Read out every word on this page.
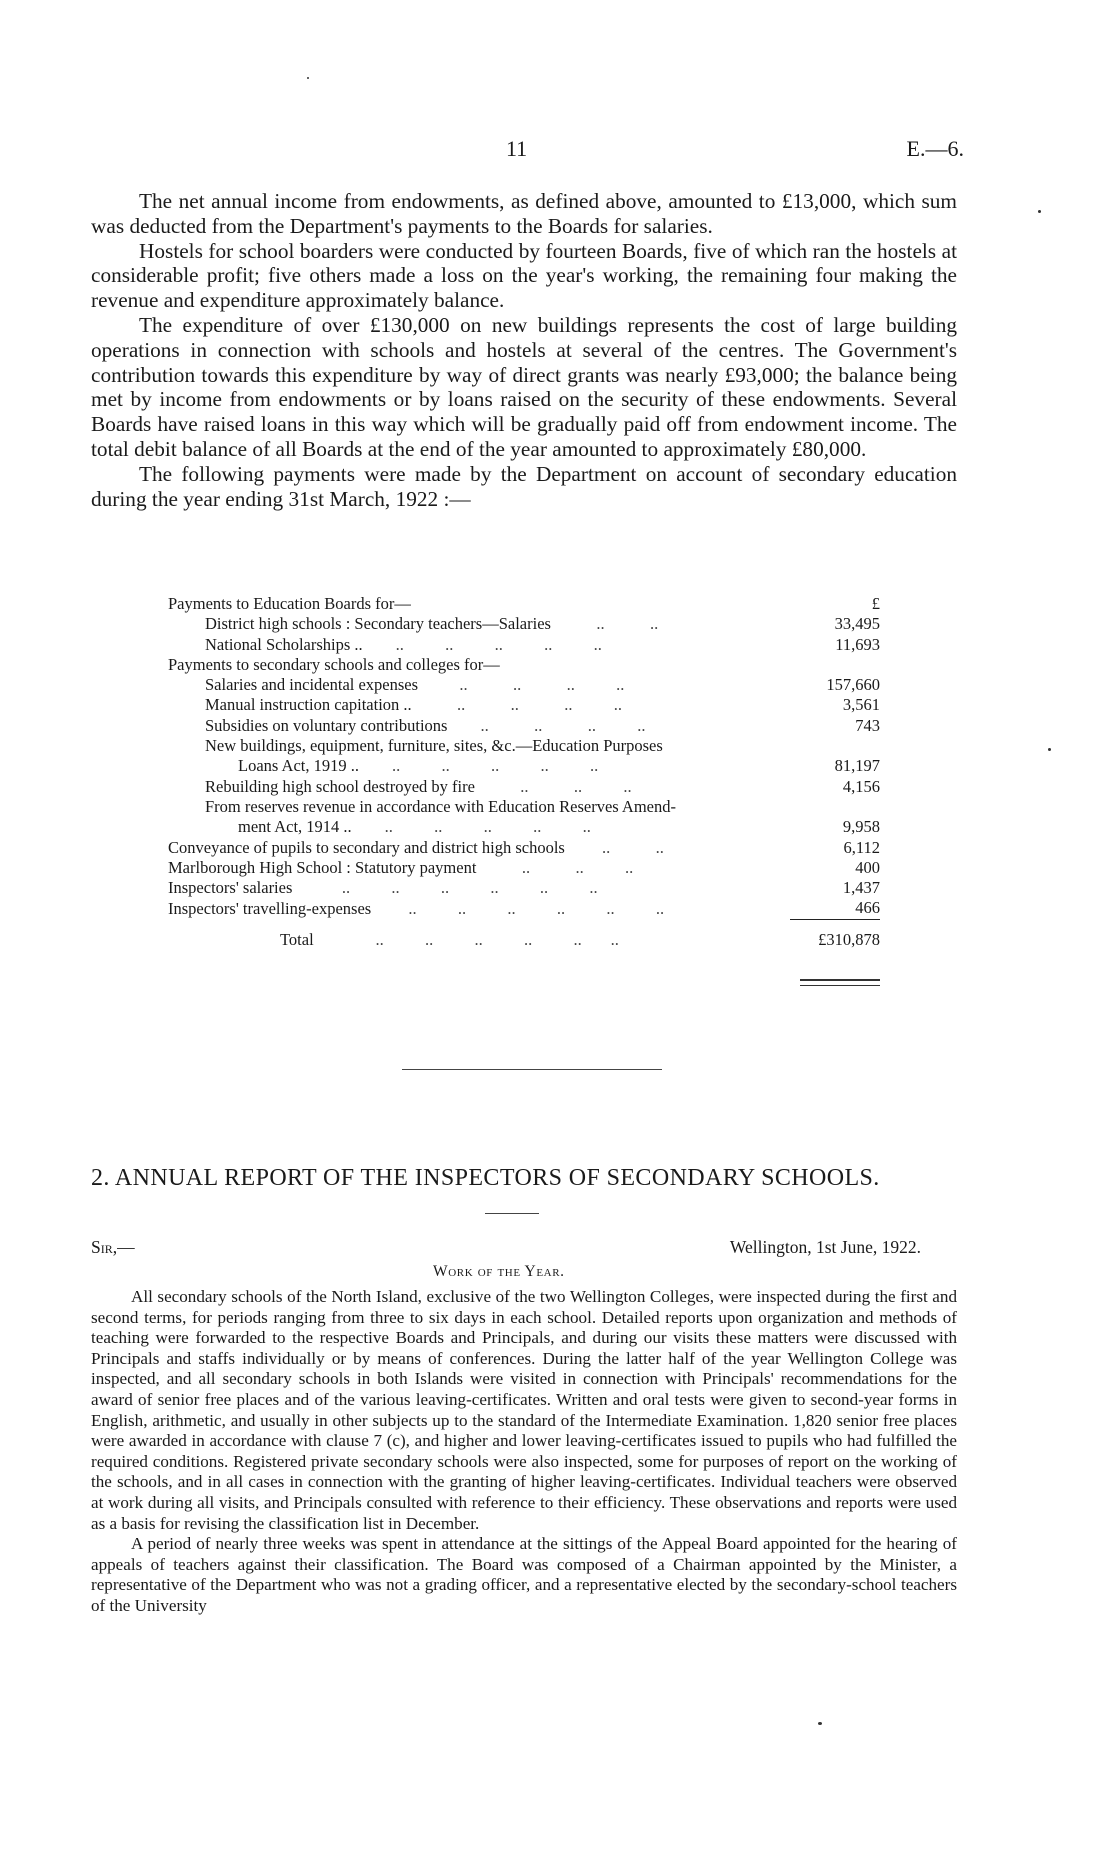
11	E.—6.

The net annual income from endowments, as defined above, amounted to £13,000, which sum was deducted from the Department's payments to the Boards for salaries.

Hostels for school boarders were conducted by fourteen Boards, five of which ran the hostels at considerable profit; five others made a loss on the year's working, the remaining four making the revenue and expenditure approximately balance.

The expenditure of over £130,000 on new buildings represents the cost of large building operations in connection with schools and hostels at several of the centres. The Government's contribution towards this expenditure by way of direct grants was nearly £93,000; the balance being met by income from endowments or by loans raised on the security of these endowments. Several Boards have raised loans in this way which will be gradually paid off from endowment income. The total debit balance of all Boards at the end of the year amounted to approximately £80,000.

The following payments were made by the Department on account of secondary education during the year ending 31st March, 1922 :—

Payments to Education Boards for—	£
District high schools : Secondary teachers—Salaries           ..           ..	33,495
National Scholarships ..        ..          ..          ..          ..          ..	11,693
Payments to secondary schools and colleges for—	
Salaries and incidental expenses          ..           ..           ..          ..	157,660
Manual instruction capitation ..           ..           ..           ..          ..	3,561
Subsidies on voluntary contributions        ..           ..           ..          ..	743
New buildings, equipment, furniture, sites, &c.—Education Purposes	
Loans Act, 1919 ..        ..          ..          ..          ..          ..	81,197
Rebuilding high school destroyed by fire           ..           ..          ..	4,156
From reserves revenue in accordance with Education Reserves Amend-	
ment Act, 1914 ..        ..          ..          ..          ..          ..	9,958
Conveyance of pupils to secondary and district high schools         ..           ..	6,112
Marlborough High School : Statutory payment           ..           ..          ..	400
Inspectors' salaries            ..          ..          ..          ..          ..          ..	1,437
Inspectors' travelling-expenses         ..          ..          ..          ..          ..          ..	466
Total               ..          ..          ..          ..          ..       ..	£310,878
2. ANNUAL REPORT OF THE INSPECTORS OF SECONDARY SCHOOLS.
Sir,—	Wellington, 1st June, 1922.
Work of the Year.

All secondary schools of the North Island, exclusive of the two Wellington Colleges, were inspected during the first and second terms, for periods ranging from three to six days in each school. Detailed reports upon organization and methods of teaching were forwarded to the respective Boards and Principals, and during our visits these matters were discussed with Principals and staffs individually or by means of conferences. During the latter half of the year Wellington College was inspected, and all secondary schools in both Islands were visited in connection with Principals' recommendations for the award of senior free places and of the various leaving-certificates. Written and oral tests were given to second-year forms in English, arithmetic, and usually in other subjects up to the standard of the Intermediate Examination. 1,820 senior free places were awarded in accordance with clause 7 (c), and higher and lower leaving-certificates issued to pupils who had fulfilled the required conditions. Registered private secondary schools were also inspected, some for purposes of report on the working of the schools, and in all cases in connection with the granting of higher leaving-certificates. Individual teachers were observed at work during all visits, and Principals consulted with reference to their efficiency. These observations and reports were used as a basis for revising the classification list in December.

A period of nearly three weeks was spent in attendance at the sittings of the Appeal Board appointed for the hearing of appeals of teachers against their classification. The Board was composed of a Chairman appointed by the Minister, a representative of the Department who was not a grading officer, and a representative elected by the secondary-school teachers of the University
